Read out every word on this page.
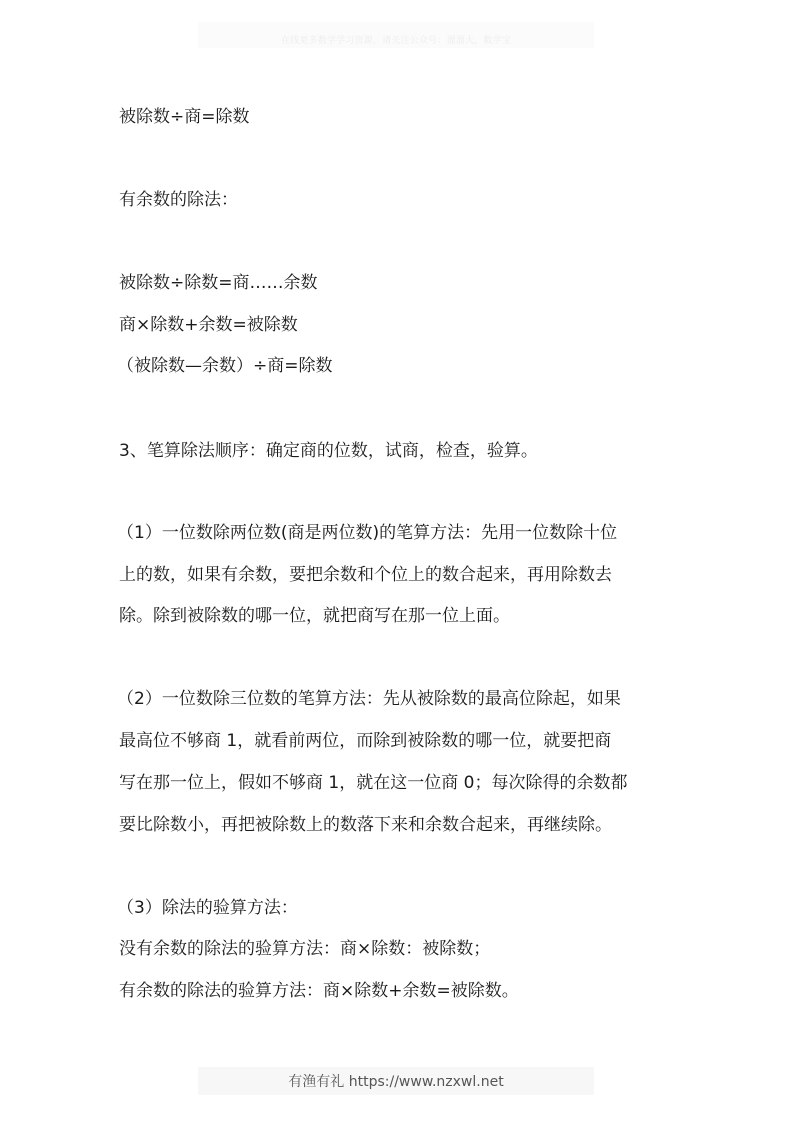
在线更多数学学习资源，请关注公众号：溜溜大，数学宝
被除数÷商=除数
有余数的除法：
被除数÷除数=商……余数
商×除数+余数=被除数
（被除数—余数）÷商=除数
3、笔算除法顺序：确定商的位数，试商，检查，验算。
（1）一位数除两位数(商是两位数)的笔算方法：先用一位数除十位
上的数，如果有余数，要把余数和个位上的数合起来，再用除数去
除。除到被除数的哪一位，就把商写在那一位上面。
（2）一位数除三位数的笔算方法：先从被除数的最高位除起，如果
最高位不够商 1，就看前两位，而除到被除数的哪一位，就要把商
写在那一位上，假如不够商 1，就在这一位商 0；每次除得的余数都
要比除数小，再把被除数上的数落下来和余数合起来，再继续除。
（3）除法的验算方法：
没有余数的除法的验算方法：商×除数：被除数；
有余数的除法的验算方法：商×除数+余数=被除数。
有渔有礼 https://www.nzxwl.net
